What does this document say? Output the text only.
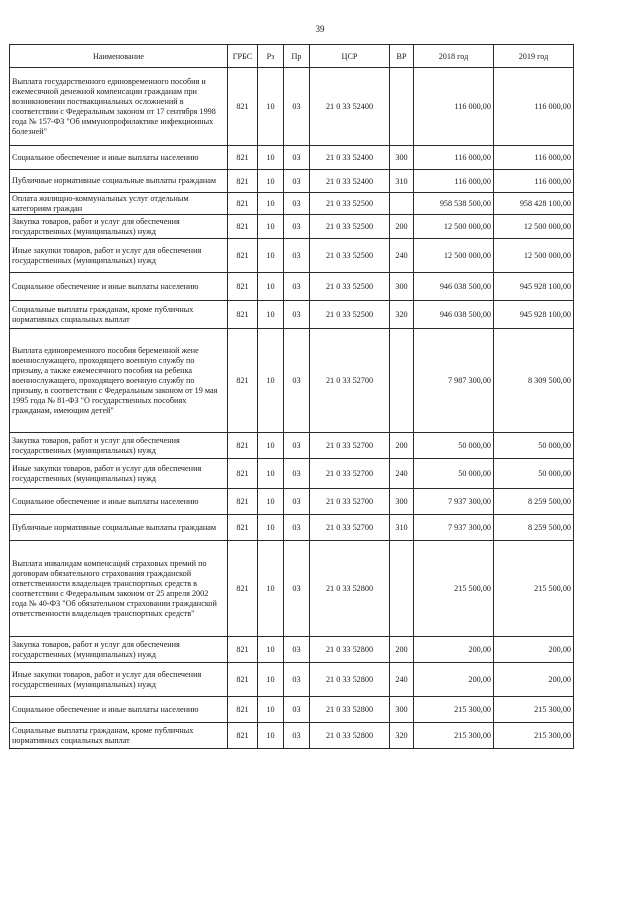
39
Наименование	ГРБС	Рз	Пр	ЦСР	ВР	2018 год	2019 год
Выплата государственного единовременного пособия и ежемесячной денежной компенсации гражданам при возникновении поствакцинальных осложнений в соответствии с Федеральным законом от 17 сентября 1998 года № 157-ФЗ "Об иммунопрофилактике инфекционных болезней"	821	10	03	21 0 33 52400		116 000,00	116 000,00
Социальное обеспечение и иные выплаты населению	821	10	03	21 0 33 52400	300	116 000,00	116 000,00
Публичные нормативные социальные выплаты гражданам	821	10	03	21 0 33 52400	310	116 000,00	116 000,00
Оплата жилищно-коммунальных услуг отдельным категориям граждан	821	10	03	21 0 33 52500		958 538 500,00	958 428 100,00
Закупка товаров, работ и услуг для обеспечения государственных (муниципальных) нужд	821	10	03	21 0 33 52500	200	12 500 000,00	12 500 000,00
Иные закупки товаров, работ и услуг для обеспечения государственных (муниципальных) нужд	821	10	03	21 0 33 52500	240	12 500 000,00	12 500 000,00
Социальное обеспечение и иные выплаты населению	821	10	03	21 0 33 52500	300	946 038 500,00	945 928 100,00
Социальные выплаты гражданам, кроме публичных нормативных социальных выплат	821	10	03	21 0 33 52500	320	946 038 500,00	945 928 100,00
Выплата единовременного пособия беременной жене военнослужащего, проходящего военную службу по призыву, а также ежемесячного пособия на ребенка военнослужащего, проходящего военную службу по призыву, в соответствии с Федеральным законом от 19 мая 1995 года № 81-ФЗ "О государственных пособиях гражданам, имеющим детей"	821	10	03	21 0 33 52700		7 987 300,00	8 309 500,00
Закупка товаров, работ и услуг для обеспечения государственных (муниципальных) нужд	821	10	03	21 0 33 52700	200	50 000,00	50 000,00
Иные закупки товаров, работ и услуг для обеспечения государственных (муниципальных) нужд	821	10	03	21 0 33 52700	240	50 000,00	50 000,00
Социальное обеспечение и иные выплаты населению	821	10	03	21 0 33 52700	300	7 937 300,00	8 259 500,00
Публичные нормативные социальные выплаты гражданам	821	10	03	21 0 33 52700	310	7 937 300,00	8 259 500,00
Выплата инвалидам компенсаций страховых премий по договорам обязательного страхования гражданской ответственности владельцев транспортных средств в соответствии с Федеральным законом от 25 апреля 2002 года № 40-ФЗ "Об обязательном страховании гражданской ответственности владельцев транспортных средств"	821	10	03	21 0 33 52800		215 500,00	215 500,00
Закупка товаров, работ и услуг для обеспечения государственных (муниципальных) нужд	821	10	03	21 0 33 52800	200	200,00	200,00
Иные закупки товаров, работ и услуг для обеспечения государственных (муниципальных) нужд	821	10	03	21 0 33 52800	240	200,00	200,00
Социальное обеспечение и иные выплаты населению	821	10	03	21 0 33 52800	300	215 300,00	215 300,00
Социальные выплаты гражданам, кроме публичных нормативных социальных выплат	821	10	03	21 0 33 52800	320	215 300,00	215 300,00
